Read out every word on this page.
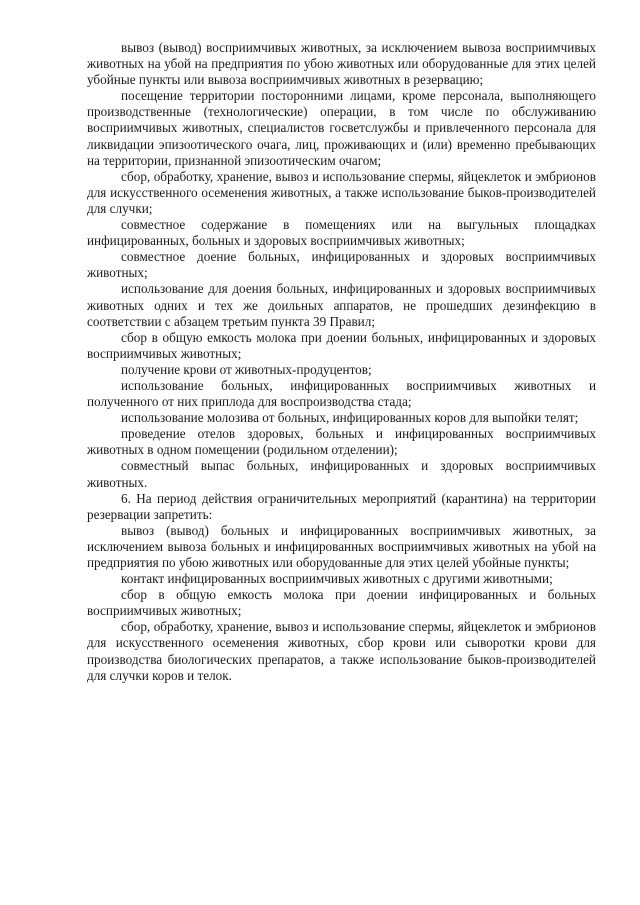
вывоз (вывод) восприимчивых животных, за исключением вывоза восприимчивых животных на убой на предприятия по убою животных или оборудованные для этих целей убойные пункты или вывоза восприимчивых животных в резервацию;

посещение территории посторонними лицами, кроме персонала, выполняющего производственные (технологические) операции, в том числе по обслуживанию восприимчивых животных, специалистов госветслужбы и привлеченного персонала для ликвидации эпизоотического очага, лиц, проживающих и (или) временно пребывающих на территории, признанной эпизоотическим очагом;

сбор, обработку, хранение, вывоз и использование спермы, яйцеклеток и эмбрионов для искусственного осеменения животных, а также использование быков-производителей для случки;

совместное содержание в помещениях или на выгульных площадках инфицированных, больных и здоровых восприимчивых животных;

совместное доение больных, инфицированных и здоровых восприимчивых животных;

использование для доения больных, инфицированных и здоровых восприимчивых животных одних и тех же доильных аппаратов, не прошедших дезинфекцию в соответствии с абзацем третьим пункта 39 Правил;

сбор в общую емкость молока при доении больных, инфицированных и здоровых восприимчивых животных;

получение крови от животных-продуцентов;

использование больных, инфицированных восприимчивых животных и полученного от них приплода для воспроизводства стада;

использование молозива от больных, инфицированных коров для выпойки телят;

проведение отелов здоровых, больных и инфицированных восприимчивых животных в одном помещении (родильном отделении);

совместный выпас больных, инфицированных и здоровых восприимчивых животных.

6. На период действия ограничительных мероприятий (карантина) на территории резервации запретить:

вывоз (вывод) больных и инфицированных восприимчивых животных, за исключением вывоза больных и инфицированных восприимчивых животных на убой на предприятия по убою животных или оборудованные для этих целей убойные пункты;

контакт инфицированных восприимчивых животных с другими животными;

сбор в общую емкость молока при доении инфицированных и больных восприимчивых животных;

сбор, обработку, хранение, вывоз и использование спермы, яйцеклеток и эмбрионов для искусственного осеменения животных, сбор крови или сыворотки крови для производства биологических препаратов, а также использование быков-производителей для случки коров и телок.
